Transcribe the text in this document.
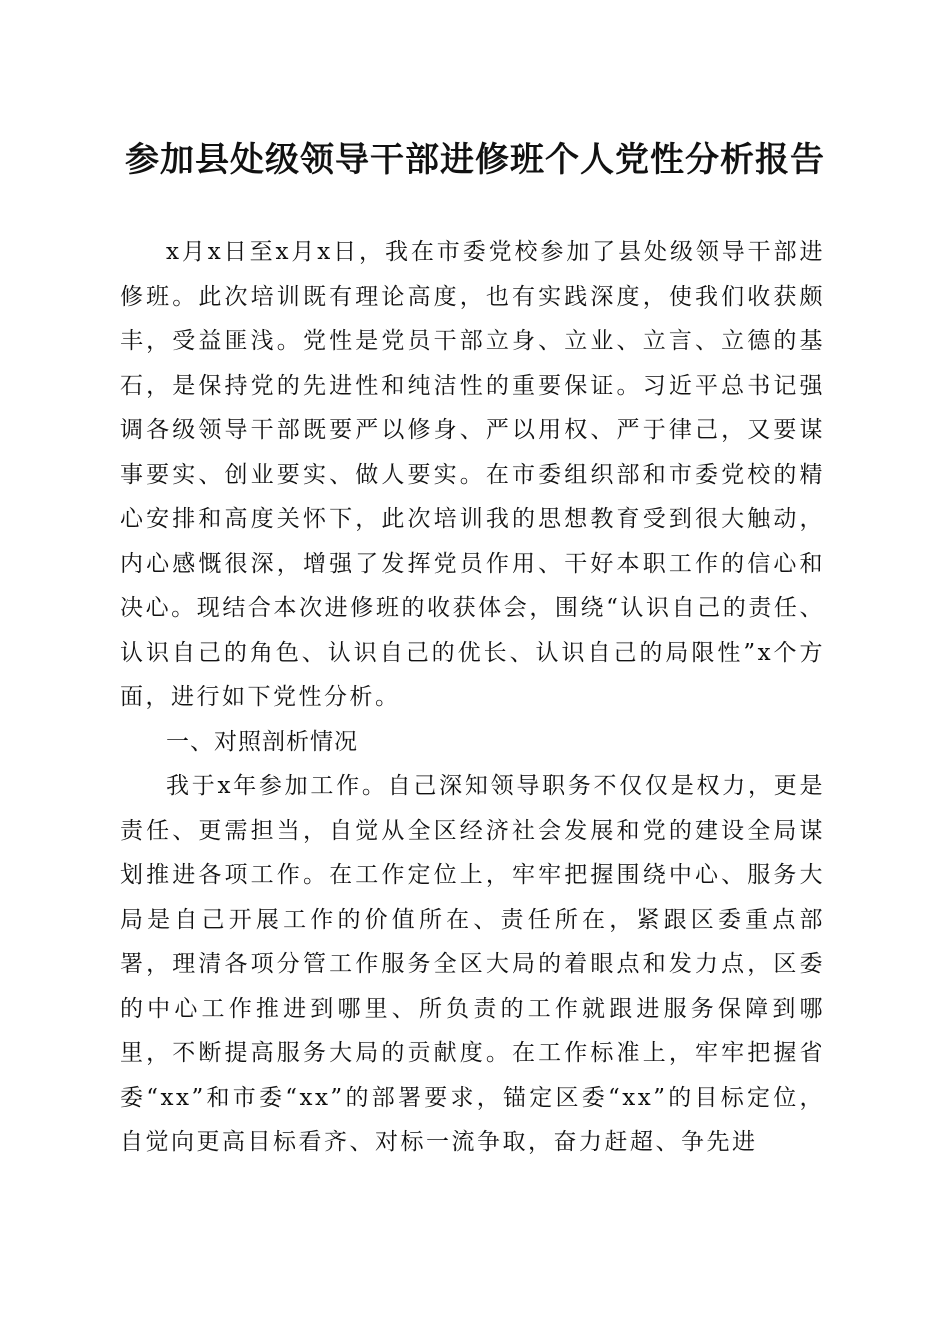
参加县处级领导干部进修班个人党性分析报告

x月x日至x月x日，我在市委党校参加了县处级领导干部进修班。此次培训既有理论高度，也有实践深度，使我们收获颇丰，受益匪浅。党性是党员干部立身、立业、立言、立德的基石，是保持党的先进性和纯洁性的重要保证。习近平总书记强调各级领导干部既要严以修身、严以用权、严于律己，又要谋事要实、创业要实、做人要实。在市委组织部和市委党校的精心安排和高度关怀下，此次培训我的思想教育受到很大触动，内心感慨很深，增强了发挥党员作用、干好本职工作的信心和决心。现结合本次进修班的收获体会，围绕“认识自己的责任、认识自己的角色、认识自己的优长、认识自己的局限性”x个方面，进行如下党性分析。

一、对照剖析情况

我于x年参加工作。自己深知领导职务不仅仅是权力，更是责任、更需担当，自觉从全区经济社会发展和党的建设全局谋划推进各项工作。在工作定位上，牢牢把握围绕中心、服务大局是自己开展工作的价值所在、责任所在，紧跟区委重点部署，理清各项分管工作服务全区大局的着眼点和发力点，区委的中心工作推进到哪里、所负责的工作就跟进服务保障到哪里，不断提高服务大局的贡献度。在工作标准上，牢牢把握省委“xx”和市委“xx”的部署要求，锚定区委“xx”的目标定位，自觉向更高目标看齐、对标一流争取，奋力赶超、争先进
